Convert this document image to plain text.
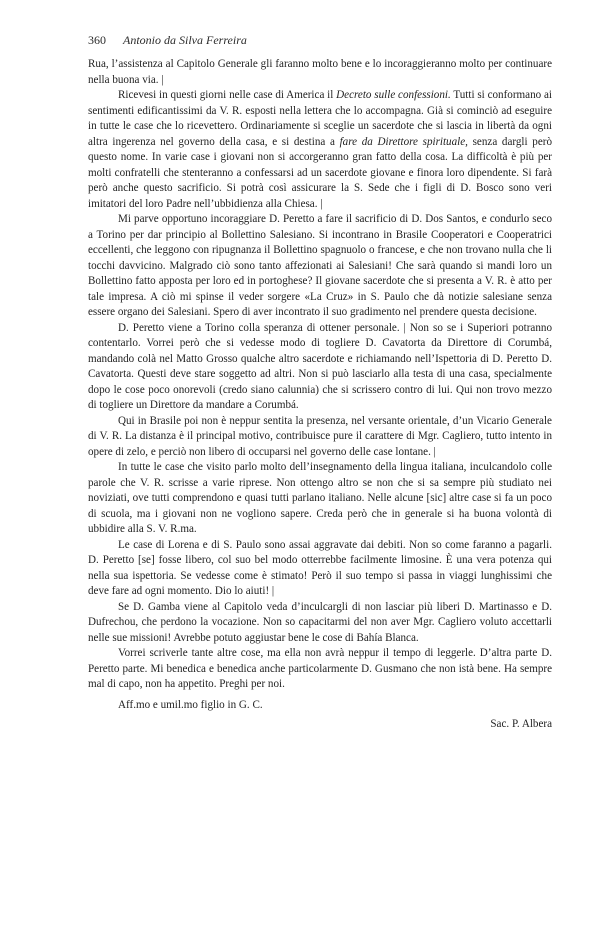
360 Antonio da Silva Ferreira

Rua, l’assistenza al Capitolo Generale gli faranno molto bene e lo incoraggieranno molto per continuare nella buona via. |

Ricevesi in questi giorni nelle case di America il Decreto sulle confessioni. Tutti si conformano ai sentimenti edificantissimi da V. R. esposti nella lettera che lo accompagna. Già si cominciò ad eseguire in tutte le case che lo ricevettero. Ordinariamente si sceglie un sacerdote che si lascia in libertà da ogni altra ingerenza nel governo della casa, e si destina a fare da Direttore spirituale, senza dargli però questo nome. In varie case i giovani non si accorgeranno gran fatto della cosa. La difficoltà è più per molti confratelli che stenteranno a confessarsi ad un sacerdote giovane e finora loro dipendente. Si farà però anche questo sacrificio. Si potrà così assicurare la S. Sede che i figli di D. Bosco sono veri imitatori del loro Padre nell’ubbidienza alla Chiesa. |

Mi parve opportuno incoraggiare D. Peretto a fare il sacrificio di D. Dos Santos, e condurlo seco a Torino per dar principio al Bollettino Salesiano. Si incontrano in Brasile Cooperatori e Cooperatrici eccellenti, che leggono con ripugnanza il Bollettino spagnuolo o francese, e che non trovano nulla che li tocchi davvicino. Malgrado ciò sono tanto affezionati ai Salesiani! Che sarà quando si mandi loro un Bollettino fatto apposta per loro ed in portoghese? Il giovane sacerdote che si presenta a V. R. è atto per tale impresa. A ciò mi spinse il veder sorgere «La Cruz» in S. Paulo che dà notizie salesiane senza essere organo dei Salesiani. Spero di aver incontrato il suo gradimento nel prendere questa decisione.

D. Peretto viene a Torino colla speranza di ottener personale. | Non so se i Superiori potranno contentarlo. Vorrei però che si vedesse modo di togliere D. Cavatorta da Direttore di Corumbá, mandando colà nel Matto Grosso qualche altro sacerdote e richiamando nell’Ispettoria di D. Peretto D. Cavatorta. Questi deve stare soggetto ad altri. Non si può lasciarlo alla testa di una casa, specialmente dopo le cose poco onorevoli (credo siano calunnia) che si scrissero contro di lui. Qui non trovo mezzo di togliere un Direttore da mandare a Corumbá.

Qui in Brasile poi non è neppur sentita la presenza, nel versante orientale, d’un Vicario Generale di V. R. La distanza è il principal motivo, contribuisce pure il carattere di Mgr. Cagliero, tutto intento in opere di zelo, e perciò non libero di occuparsi nel governo delle case lontane. |

In tutte le case che visito parlo molto dell’insegnamento della lingua italiana, inculcandolo colle parole che V. R. scrisse a varie riprese. Non ottengo altro se non che si sa sempre più studiato nei noviziati, ove tutti comprendono e quasi tutti parlano italiano. Nelle alcune [sic] altre case si fa un poco di scuola, ma i giovani non ne vogliono sapere. Creda però che in generale si ha buona volontà di ubbidire alla S. V. R.ma.

Le case di Lorena e di S. Paulo sono assai aggravate dai debiti. Non so come faranno a pagarli. D. Peretto [se] fosse libero, col suo bel modo otterrebbe facilmente limosine. È una vera potenza qui nella sua ispettoria. Se vedesse come è stimato! Però il suo tempo si passa in viaggi lunghissimi che deve fare ad ogni momento. Dio lo aiuti! |

Se D. Gamba viene al Capitolo veda d’inculcargli di non lasciar più liberi D. Martinasso e D. Dufrechou, che perdono la vocazione. Non so capacitarmi del non aver Mgr. Cagliero voluto accettarli nelle sue missioni! Avrebbe potuto aggiustar bene le cose di Bahía Blanca.

Vorrei scriverle tante altre cose, ma ella non avrà neppur il tempo di leggerle. D’altra parte D. Peretto parte. Mi benedica e benedica anche particolarmente D. Gusmano che non istà bene. Ha sempre mal di capo, non ha appetito. Preghi per noi.

Aff.mo e umil.mo figlio in G. C.

Sac. P. Albera
